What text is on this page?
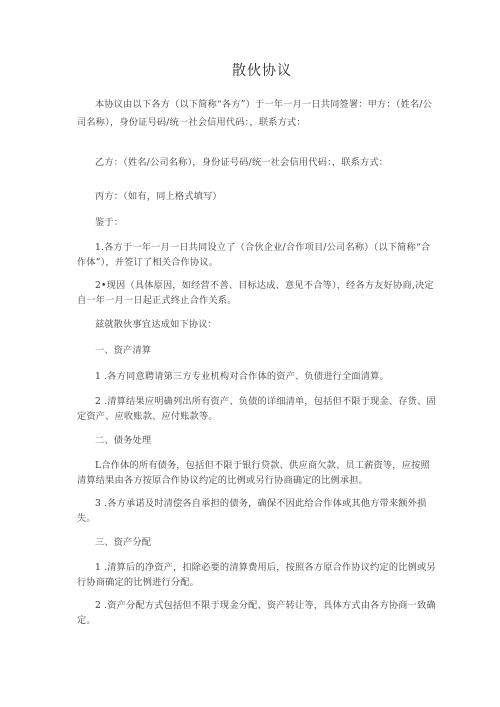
散伙协议

本协议由以下各方（以下简称“各方”）于一年一月一日共同签署：甲方：（姓名/公司名称），身份证号码/统一社会信用代码：，联系方式：

乙方：（姓名/公司名称），身份证号码/统一社会信用代码：，联系方式：

丙方：（如有，同上格式填写）

鉴于：

1.各方于一年一月一日共同设立了（合伙企业/合作项目/公司名称）（以下简称“合作体”），并签订了相关合作协议。

2•现因（具体原因，如经营不善、目标达成、意见不合等），经各方友好协商,决定自一年一月一日起正式终止合作关系。

兹就散伙事宜达成如下协议：

一、资产清算

1 .各方同意聘请第三方专业机构对合作体的资产、负债进行全面清算。

2 .清算结果应明确列出所有资产、负债的详细清单，包括但不限于现金、存货、固定资产、应收账款、应付账款等。

二、债务处理

L合作体的所有债务，包括但不限于银行贷款、供应商欠款、员工薪资等，应按照清算结果由各方按原合作协议约定的比例或另行协商确定的比例承担。

3 .各方承诺及时清偿各自承担的债务，确保不因此给合作体或其他方带来额外损失。

三、资产分配

1 .清算后的净资产，扣除必要的清算费用后，按照各方原合作协议约定的比例或另行协商确定的比例进行分配。

2 .资产分配方式包括但不限于现金分配、资产转让等，具体方式由各方协商一致确定。
